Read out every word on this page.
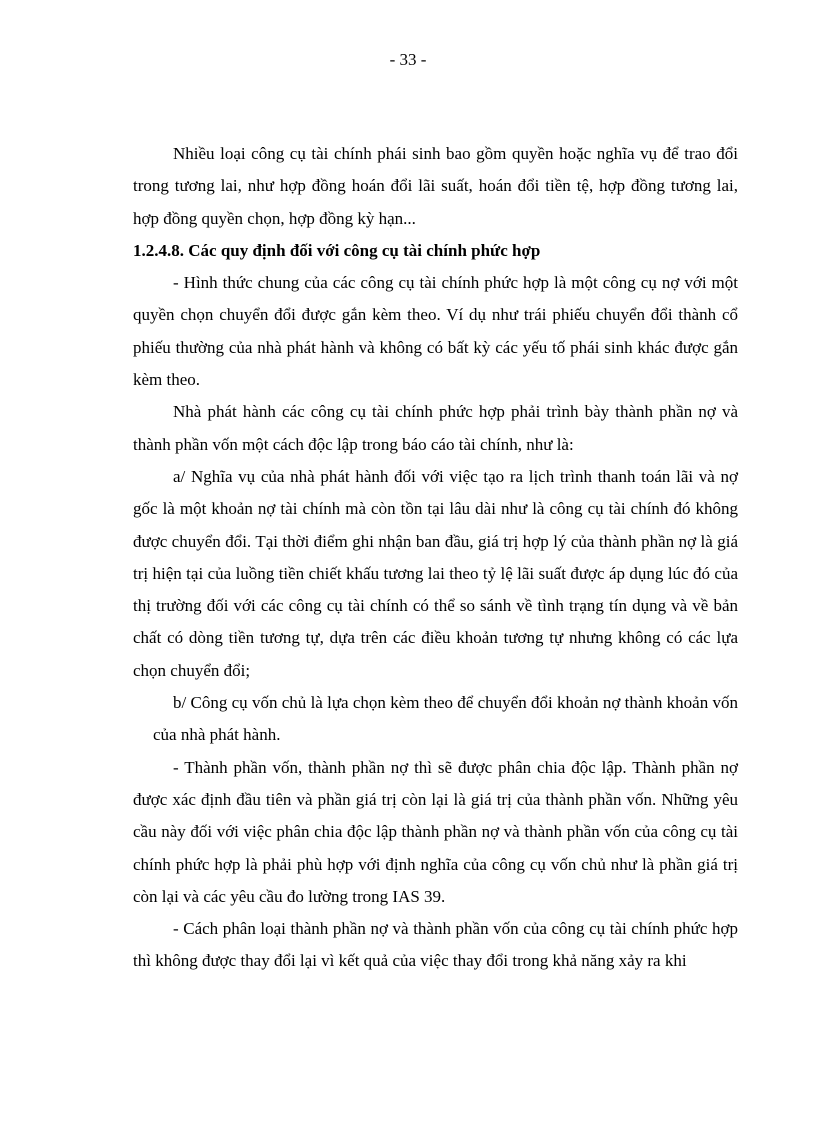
- 33 -

Nhiều loại công cụ tài chính phái sinh bao gồm quyền hoặc nghĩa vụ để trao đổi trong tương lai, như hợp đồng hoán đổi lãi suất, hoán đổi tiền tệ, hợp đồng tương lai, hợp đồng quyền chọn, hợp đồng kỳ hạn...

1.2.4.8. Các quy định đối với công cụ tài chính phức hợp

- Hình thức chung của các công cụ tài chính phức hợp là một công cụ nợ với một quyền chọn chuyển đổi được gắn kèm theo. Ví dụ như trái phiếu chuyển đổi thành cổ phiếu thường của nhà phát hành và không có bất kỳ các yếu tố phái sinh khác được gắn kèm theo.

Nhà phát hành các công cụ tài chính phức hợp phải trình bày thành phần nợ và thành phần vốn một cách độc lập trong báo cáo tài chính, như là:

a/ Nghĩa vụ của nhà phát hành đối với việc tạo ra lịch trình thanh toán lãi và nợ gốc là một khoản nợ tài chính mà còn tồn tại lâu dài như là công cụ tài chính đó không được chuyển đổi. Tại thời điểm ghi nhận ban đầu, giá trị hợp lý của thành phần nợ là giá trị hiện tại của luồng tiền chiết khấu tương lai theo tỷ lệ lãi suất được áp dụng lúc đó của thị trường đối với các công cụ tài chính có thể so sánh về tình trạng tín dụng và về bản chất có dòng tiền tương tự, dựa trên các điều khoản tương tự nhưng không có các lựa chọn chuyển đổi;

b/ Công cụ vốn chủ là lựa chọn kèm theo để chuyển đổi khoản nợ thành khoản vốn của nhà phát hành.

- Thành phần vốn, thành phần nợ thì sẽ được phân chia độc lập. Thành phần nợ được xác định đầu tiên và phần giá trị còn lại là giá trị của thành phần vốn. Những yêu cầu này đối với việc phân chia độc lập thành phần nợ và thành phần vốn của công cụ tài chính phức hợp là phải phù hợp với định nghĩa của công cụ vốn chủ như là phần giá trị còn lại và các yêu cầu đo lường trong IAS 39.

- Cách phân loại thành phần nợ và thành phần vốn của công cụ tài chính phức hợp thì không được thay đổi lại vì kết quả của việc thay đổi trong khả năng xảy ra khi
